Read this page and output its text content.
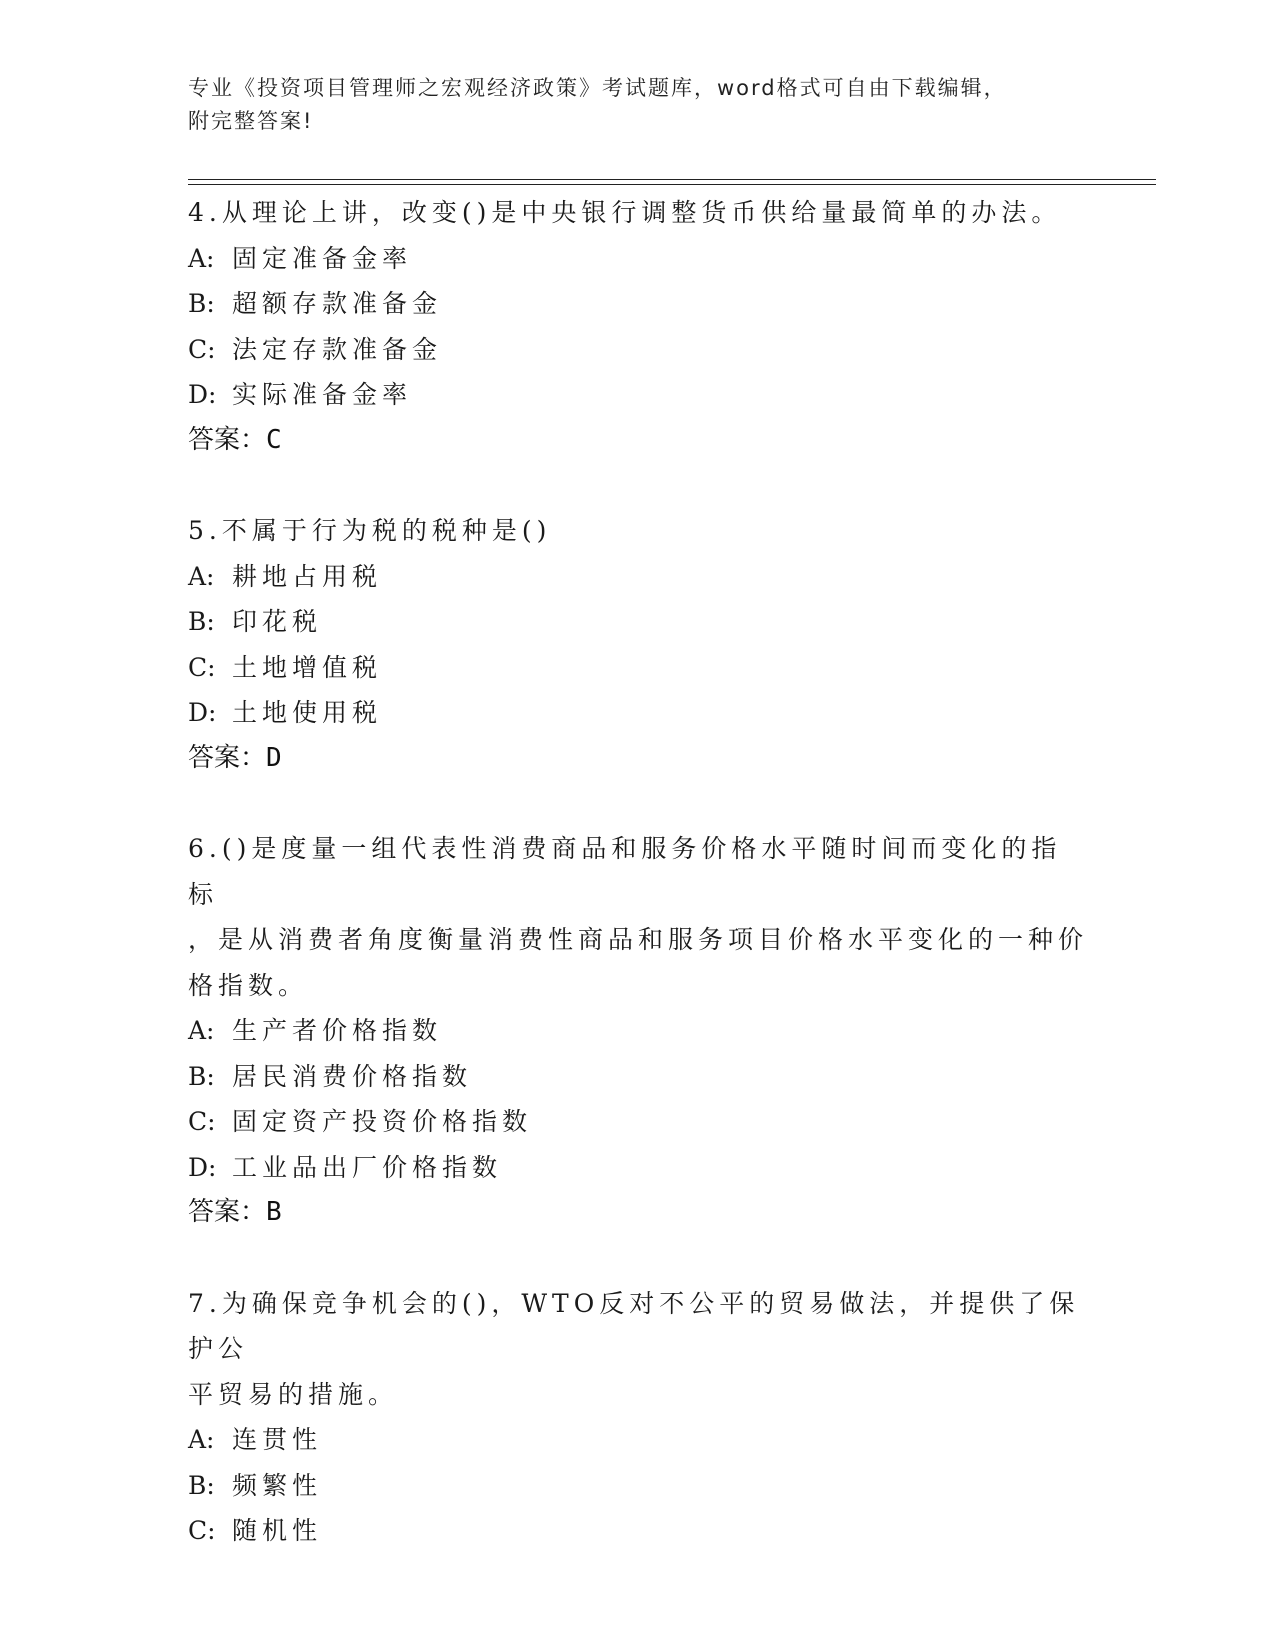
专业《投资项目管理师之宏观经济政策》考试题库，word格式可自由下载编辑，
附完整答案!

4.从理论上讲，改变()是中央银行调整货币供给量最简单的办法。

A: 固定准备金率

B: 超额存款准备金

C: 法定存款准备金

D: 实际准备金率

答案：C

5.不属于行为税的税种是()

A: 耕地占用税

B: 印花税

C: 土地增值税

D: 土地使用税

答案：D

6.()是度量一组代表性消费商品和服务价格水平随时间而变化的指标

，是从消费者角度衡量消费性商品和服务项目价格水平变化的一种价

格指数。

A: 生产者价格指数

B: 居民消费价格指数

C: 固定资产投资价格指数

D: 工业品出厂价格指数

答案：B

7.为确保竞争机会的()，WTO反对不公平的贸易做法，并提供了保护公

平贸易的措施。

A: 连贯性

B: 频繁性

C: 随机性
